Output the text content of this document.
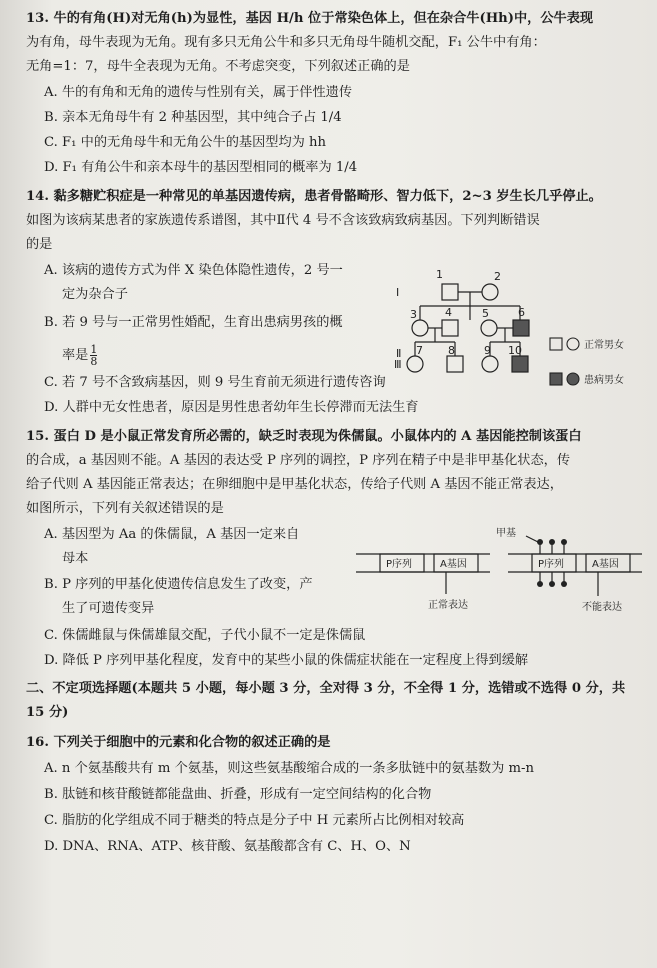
13. 牛的有角(H)对无角(h)为显性，基因 H/h 位于常染色体上，但在杂合牛(Hh)中，公牛表现
为有角，母牛表现为无角。现有多只无角公牛和多只无角母牛随机交配，F₁ 公牛中有角：
无角=1：7，母牛全表现为无角。不考虑突变，下列叙述正确的是
A. 牛的有角和无角的遗传与性别有关，属于伴性遗传
B. 亲本无角母牛有 2 种基因型，其中纯合子占 1/4
C. F₁ 中的无角母牛和无角公牛的基因型均为 hh
D. F₁ 有角公牛和亲本母牛的基因型相同的概率为 1/4
14. 黏多糖贮积症是一种常见的单基因遗传病，患者骨骼畸形、智力低下，2~3 岁生长几乎停止。
如图为该病某患者的家族遗传系谱图，其中Ⅱ代 4 号不含该致病致病基因。下列判断错误
的是
A. 该病的遗传方式为伴 X 染色体隐性遗传，2 号一
定为杂合子
B. 若 9 号与一正常男性婚配，生育出患病男孩的概
率是 $\frac{1}{8}$
C. 若 7 号不含致病基因，则 9 号生育前无须进行遗传咨询
D. 人群中无女性患者，原因是男性患者幼年生长停滞而无法生育
Ⅰ
Ⅲ
1	2
3	4	5	6
7 8	9 10	正常男女
患病男女
Ⅱ
15. 蛋白 D 是小鼠正常发育所必需的，缺乏时表现为侏儒鼠。小鼠体内的 A 基因能控制该蛋白
的合成，a 基因则不能。A 基因的表达受 P 序列的调控，P 序列在精子中是非甲基化状态，传
给子代则 A 基因能正常表达；在卵细胞中是甲基化状态，传给子代则 A 基因不能正常表达，
如图所示，下列有关叙述错误的是
A. 基因型为 Aa 的侏儒鼠，A 基因一定来自
母本
B. P 序列的甲基化使遗传信息发生了改变，产
生了可遗传变异
C. 侏儒雌鼠与侏儒雄鼠交配，子代小鼠不一定是侏儒鼠
D. 降低 P 序列甲基化程度，发育中的某些小鼠的侏儒症状能在一定程度上得到缓解
P序列	A基因	P序列	A基因
甲基
正常表达	不能表达
二、不定项选择题(本题共 5 小题，每小题 3 分，全对得 3 分，不全得 1 分，选错或不选得 0 分，共
15 分)
16. 下列关于细胞中的元素和化合物的叙述正确的是
A. n 个氨基酸共有 m 个氨基，则这些氨基酸缩合成的一条多肽链中的氨基数为 m-n
B. 肽链和核苷酸链都能盘曲、折叠，形成有一定空间结构的化合物
C. 脂肪的化学组成不同于糖类的特点是分子中 H 元素所占比例相对较高
D. DNA、RNA、ATP、核苷酸、氨基酸都含有 C、H、O、N
